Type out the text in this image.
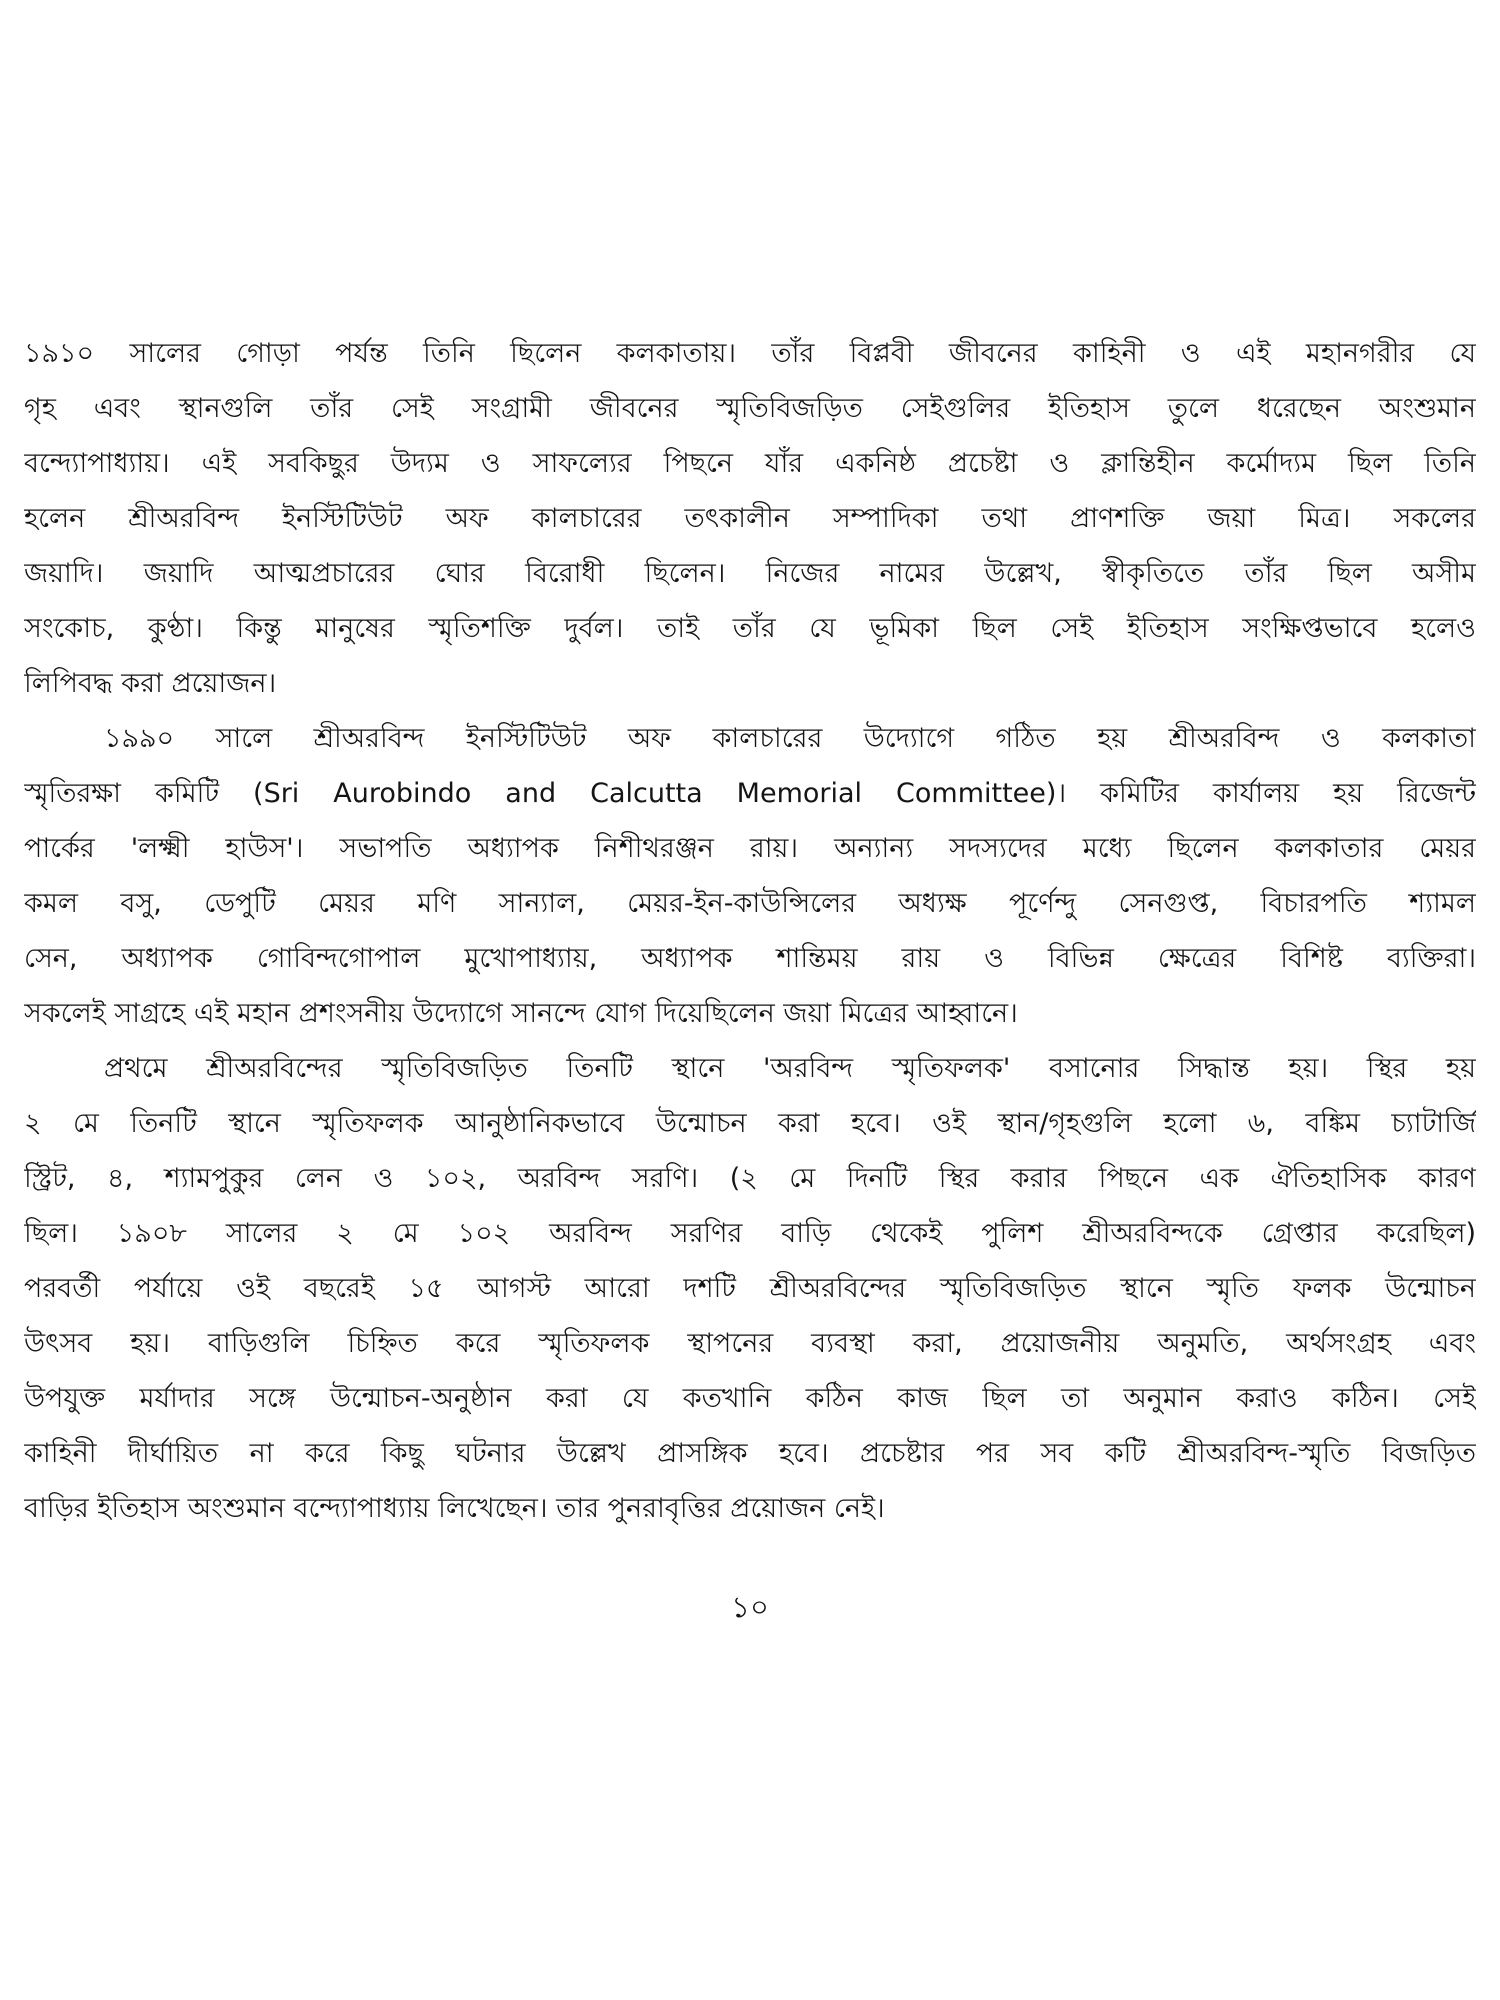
১৯১০ সালের গোড়া পর্যন্ত তিনি ছিলেন কলকাতায়। তাঁর বিপ্লবী জীবনের কাহিনী ও এই মহানগরীর যে
গৃহ এবং স্থানগুলি তাঁর সেই সংগ্রামী জীবনের স্মৃতিবিজড়িত সেইগুলির ইতিহাস তুলে ধরেছেন অংশুমান
বন্দ্যোপাধ্যায়। এই সবকিছুর উদ্যম ও সাফল্যের পিছনে যাঁর একনিষ্ঠ প্রচেষ্টা ও ক্লান্তিহীন কর্মোদ্যম ছিল তিনি
হলেন শ্রীঅরবিন্দ ইনস্টিটিউট অফ কালচারের তৎকালীন সম্পাদিকা তথা প্রাণশক্তি জয়া মিত্র। সকলের
জয়াদি। জয়াদি আত্মপ্রচারের ঘোর বিরোধী ছিলেন। নিজের নামের উল্লেখ, স্বীকৃতিতে তাঁর ছিল অসীম
সংকোচ, কুণ্ঠা। কিন্তু মানুষের স্মৃতিশক্তি দুর্বল। তাই তাঁর যে ভূমিকা ছিল সেই ইতিহাস সংক্ষিপ্তভাবে হলেও
লিপিবদ্ধ করা প্রয়োজন।
১৯৯০ সালে শ্রীঅরবিন্দ ইনস্টিটিউট অফ কালচারের উদ্যোগে গঠিত হয় শ্রীঅরবিন্দ ও কলকাতা
স্মৃতিরক্ষা কমিটি (Sri Aurobindo and Calcutta Memorial Committee)। কমিটির কার্যালয় হয় রিজেন্ট
পার্কের 'লক্ষ্মী হাউস'। সভাপতি অধ্যাপক নিশীথরঞ্জন রায়। অন্যান্য সদস্যদের মধ্যে ছিলেন কলকাতার মেয়র
কমল বসু, ডেপুটি মেয়র মণি সান্যাল, মেয়র-ইন-কাউন্সিলের অধ্যক্ষ পূর্ণেন্দু সেনগুপ্ত, বিচারপতি শ্যামল
সেন, অধ্যাপক গোবিন্দগোপাল মুখোপাধ্যায়, অধ্যাপক শান্তিময় রায় ও বিভিন্ন ক্ষেত্রের বিশিষ্ট ব্যক্তিরা।
সকলেই সাগ্রহে এই মহান প্রশংসনীয় উদ্যোগে সানন্দে যোগ দিয়েছিলেন জয়া মিত্রের আহ্বানে।
প্রথমে শ্রীঅরবিন্দের স্মৃতিবিজড়িত তিনটি স্থানে 'অরবিন্দ স্মৃতিফলক' বসানোর সিদ্ধান্ত হয়। স্থির হয়
২ মে তিনটি স্থানে স্মৃতিফলক আনুষ্ঠানিকভাবে উন্মোচন করা হবে। ওই স্থান/গৃহগুলি হলো ৬, বঙ্কিম চ্যাটার্জি
স্ট্রিট, ৪, শ্যামপুকুর লেন ও ১০২, অরবিন্দ সরণি। (২ মে দিনটি স্থির করার পিছনে এক ঐতিহাসিক কারণ
ছিল। ১৯০৮ সালের ২ মে ১০২ অরবিন্দ সরণির বাড়ি থেকেই পুলিশ শ্রীঅরবিন্দকে গ্রেপ্তার করেছিল)
পরবর্তী পর্যায়ে ওই বছরেই ১৫ আগস্ট আরো দশটি শ্রীঅরবিন্দের স্মৃতিবিজড়িত স্থানে স্মৃতি ফলক উন্মোচন
উৎসব হয়। বাড়িগুলি চিহ্নিত করে স্মৃতিফলক স্থাপনের ব্যবস্থা করা, প্রয়োজনীয় অনুমতি, অর্থসংগ্রহ এবং
উপযুক্ত মর্যাদার সঙ্গে উন্মোচন-অনুষ্ঠান করা যে কতখানি কঠিন কাজ ছিল তা অনুমান করাও কঠিন। সেই
কাহিনী দীর্ঘায়িত না করে কিছু ঘটনার উল্লেখ প্রাসঙ্গিক হবে। প্রচেষ্টার পর সব কটি শ্রীঅরবিন্দ-স্মৃতি বিজড়িত
বাড়ির ইতিহাস অংশুমান বন্দ্যোপাধ্যায় লিখেছেন। তার পুনরাবৃত্তির প্রয়োজন নেই।
১০
